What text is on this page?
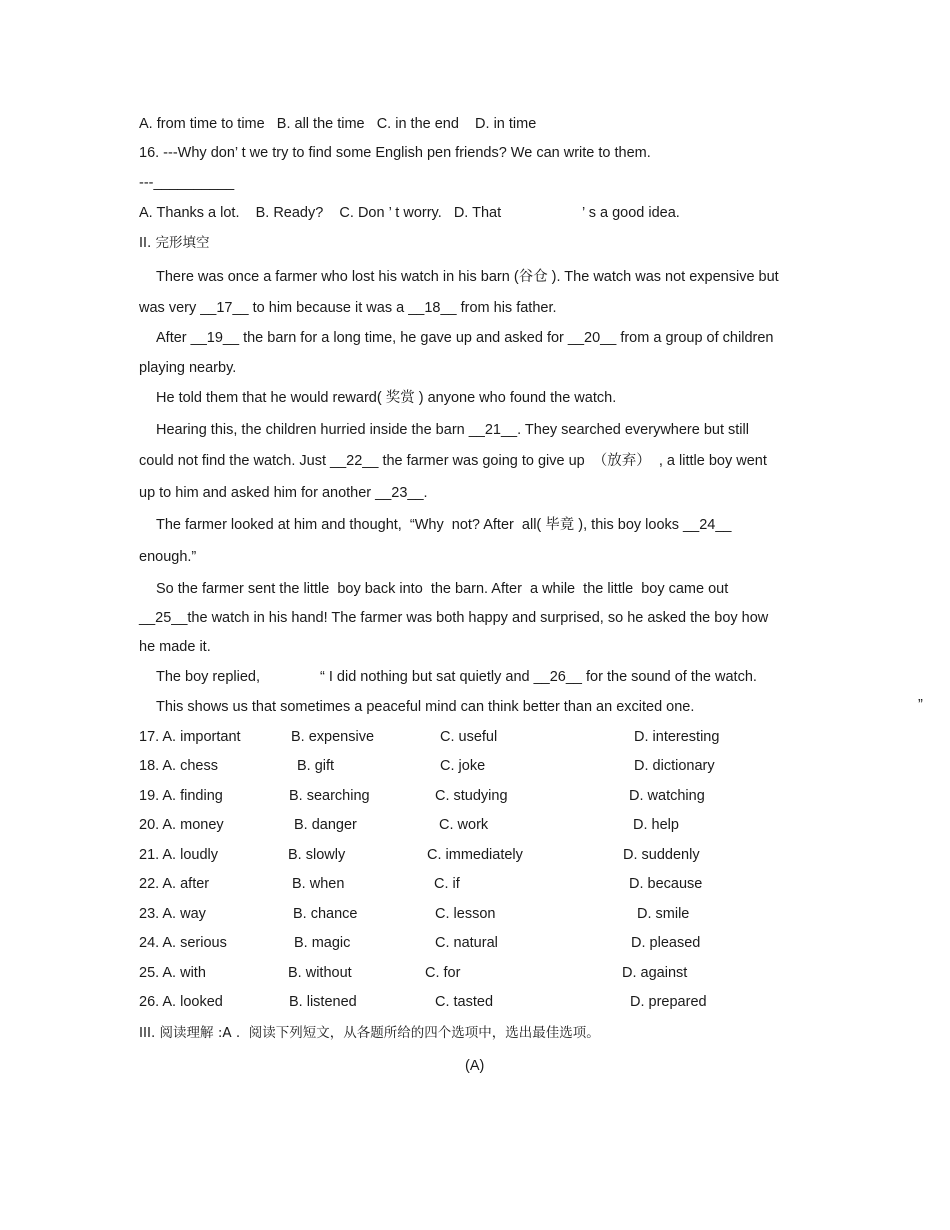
A. from time to time   B. all the time   C. in the end    D. in time
16. ---Why don’ t we try to find some English pen friends? We can write to them.
---__________
A. Thanks a lot.    B. Ready?    C. Don ’ t worry.   D. That	’ s a good idea.
II. 完形填空
There was once a farmer who lost his watch in his barn (谷仓 ). The watch was not expensive but
was very __17__ to him because it was a __18__ from his father.
After __19__ the barn for a long time, he gave up and asked for __20__ from a group of children
playing nearby.
He told them that he would reward( 奖赏 ) anyone who found the watch.
Hearing this, the children hurried inside the barn __21__. They searched everywhere but still
could not find the watch. Just __22__ the farmer was going to give up  （放弃）  , a little boy went
up to him and asked him for another __23__.
The farmer looked at him and thought,  “Why  not? After  all( 毕竟 ), this boy looks __24__
enough.”
So the farmer sent the little  boy back into  the barn. After  a while  the little  boy came out
__25__the watch in his hand! The farmer was both happy and surprised, so he asked the boy how
he made it.
The boy replied,	“ I did nothing but sat quietly and __26__ for the sound of the watch.
This shows us that sometimes a peaceful mind can think better than an excited one.	”
17. A. important	B. expensive	C. useful	D. interesting
18. A. chess	B. gift	C. joke	D. dictionary
19. A. finding	B. searching	C. studying	D. watching
20. A. money	B. danger	C. work	D. help
21. A. loudly	B. slowly	C. immediately	D. suddenly
22. A. after	B. when	C. if	D. because
23. A. way	B. chance	C. lesson	D. smile
24. A. serious	B. magic	C. natural	D. pleased
25. A. with	B. without	C. for	D. against
26. A. looked	B. listened	C. tasted	D. prepared
III. 阅读理解 :A .  阅读下列短文，从各题所给的四个选项中，选出最佳选项。
(A)
